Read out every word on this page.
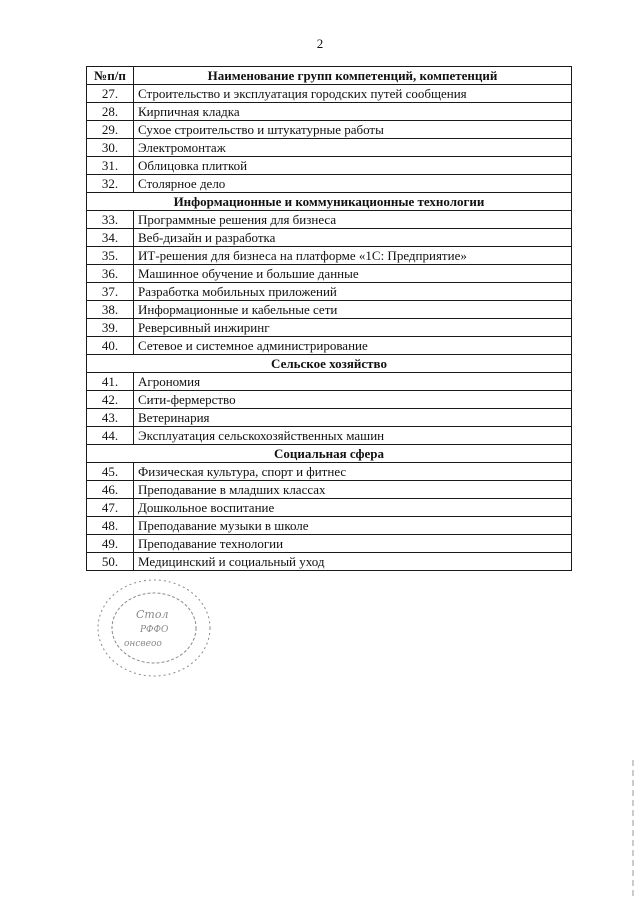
2
№п/п	Наименование групп компетенций, компетенций
27.	Строительство и эксплуатация городских путей сообщения
28.	Кирпичная кладка
29.	Сухое строительство и штукатурные работы
30.	Электромонтаж
31.	Облицовка плиткой
32.	Столярное дело
Информационные и коммуникационные технологии	
33.	Программные решения для бизнеса
34.	Веб-дизайн и разработка
35.	ИТ-решения для бизнеса на платформе «1С: Предприятие»
36.	Машинное обучение и большие данные
37.	Разработка мобильных приложений
38.	Информационные и кабельные сети
39.	Реверсивный инжиринг
40.	Сетевое и системное администрирование
Сельское хозяйство	
41.	Агрономия
42.	Сити-фермерство
43.	Ветеринария
44.	Эксплуатация сельскохозяйственных машин
Социальная сфера	
45.	Физическая культура, спорт и фитнес
46.	Преподавание в младших классах
47.	Дошкольное воспитание
48.	Преподавание музыки в школе
49.	Преподавание технологии
50.	Медицинский и социальный уход
Стол
РФФО
онсвеоо
